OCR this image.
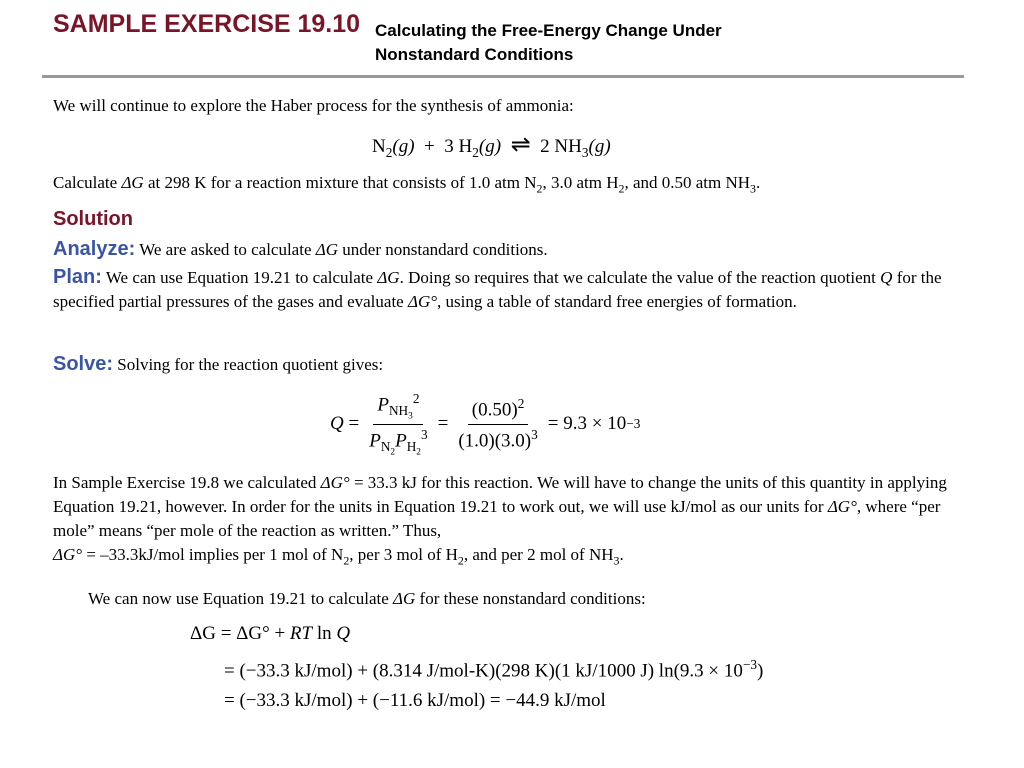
SAMPLE EXERCISE 19.10 Calculating the Free-Energy Change Under
Nonstandard Conditions
We will continue to explore the Haber process for the synthesis of ammonia:
$N_2(g) + 3$ $H_2(g)$ ⇌ 2 $NH_3(g)$
Calculate ΔG at 298 K for a reaction mixture that consists of 1.0 atm $N_2$, 3.0 atm $H_2$, and 0.50 atm $NH_3$.
Solution
Analyze: We are asked to calculate ΔG under nonstandard conditions.
Plan: We can use Equation 19.21 to calculate ΔG. Doing so requires that we calculate the value of the reaction quotient Q for the specified partial pressures of the gases and evaluate ΔG°, using a table of standard free energies of formation.
Solve: Solving for the reaction quotient gives:
Q
= $\frac{P_{NH_3}^2}{P_{N_2}P_{H_2}^3} = \frac{(0.50)^2}{(1.0)(3.0)^3} = 9.3 \times 10 -3$
In Sample Exercise 19.8 we calculated ΔG° = 33.3 kJ for this reaction. We will have to change the units of this quantity in applying Equation 19.21, however. In order for the units in Equation 19.21 to work out, we will use kJ/mol as our units for ΔG°, where “per mole” means “per mole of the reaction as written.” Thus,
ΔG° = –33.3kJ/mol implies per 1 mol of $N_2$, per 3 mol of $H_2$, and per 2 mol of $NH_3$.
We can now use Equation 19.21 to calculate ΔG for these nonstandard conditions:
ΔG = ΔG° + RT ln Q
= (−33.3 kJ/mol) + (8.314 J/mol-K)(298 K)(1 kJ/1000 J) $\ln(9.3 \times 10^{-3})$
= (−33.3 kJ/mol) + (−11.6 kJ/mol) = −44.9 kJ/mol
